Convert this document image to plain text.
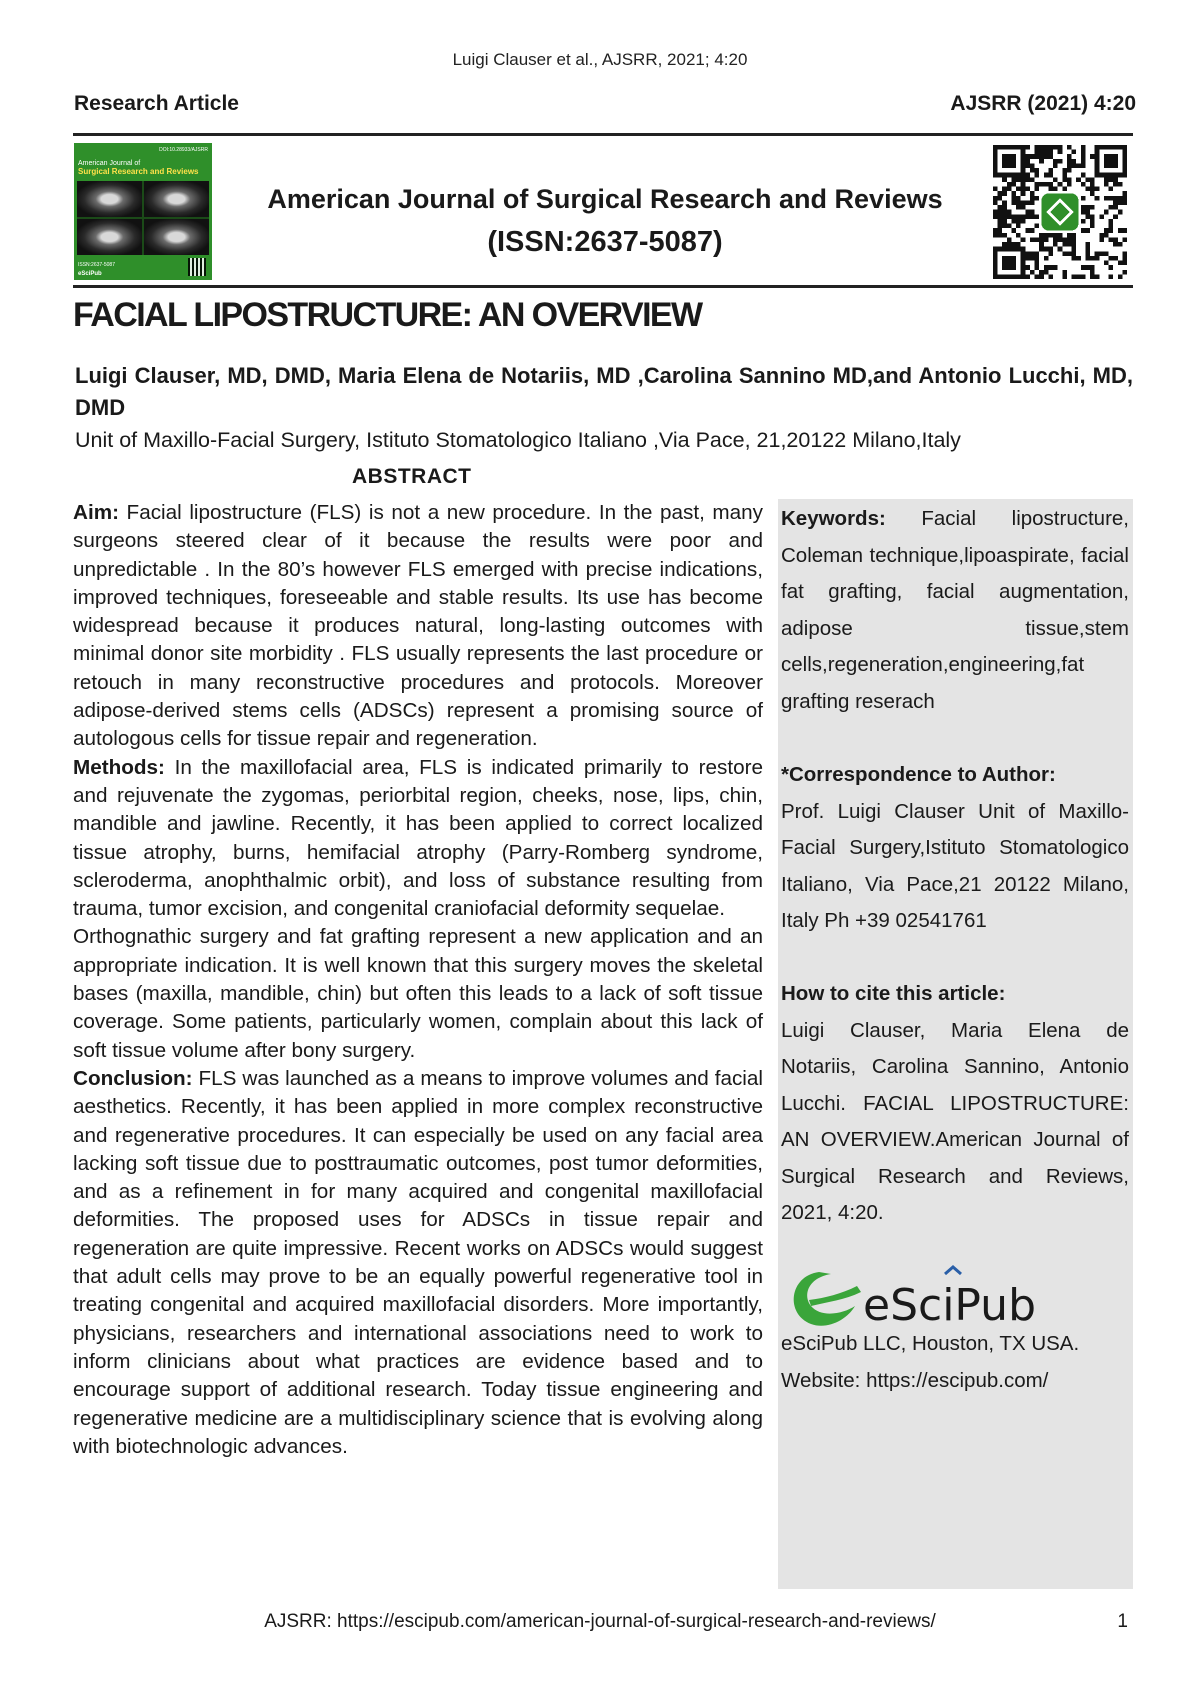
Luigi Clauser et al., AJSRR, 2021; 4:20
Research Article	AJSRR (2021) 4:20
DOI:10.28933/AJSRR
American Journal of
Surgical Research and Reviews
ISSN:2637-5087
eSciPub
American Journal of Surgical Research and Reviews
(ISSN:2637-5087)
FACIAL LIPOSTRUCTURE: AN OVERVIEW
Luigi Clauser, MD, DMD, Maria Elena de Notariis, MD ,Carolina Sannino MD,and Antonio Lucchi, MD, DMD
Unit of Maxillo-Facial Surgery, Istituto Stomatologico Italiano ,Via Pace, 21,20122 Milano,Italy
ABSTRACT

Aim: Facial lipostructure (FLS) is not a new procedure. In the past, many surgeons steered clear of it because the results were poor and unpredictable . In the 80’s however FLS emerged with precise indications, improved techniques, foreseeable and stable results. Its use has become widespread because it produces natural, long-lasting outcomes with minimal donor site morbidity . FLS usually represents the last procedure or retouch in many reconstructive procedures and protocols. Moreover adipose-derived stems cells (ADSCs) represent a promising source of autologous cells for tissue repair and regeneration.

Methods: In the maxillofacial area, FLS is indicated primarily to restore and rejuvenate the zygomas, periorbital region, cheeks, nose, lips, chin, mandible and jawline. Recently, it has been applied to correct localized tissue atrophy, burns, hemifacial atrophy (Parry-Romberg syndrome, scleroderma, anophthalmic orbit), and loss of substance resulting from trauma, tumor excision, and congenital craniofacial deformity sequelae.

Orthognathic surgery and fat grafting represent a new application and an appropriate indication. It is well known that this surgery moves the skeletal bases (maxilla, mandible, chin) but often this leads to a lack of soft tissue coverage. Some patients, particularly women, complain about this lack of soft tissue volume after bony surgery.

Conclusion: FLS was launched as a means to improve volumes and facial aesthetics. Recently, it has been applied in more complex reconstructive and regenerative procedures. It can especially be used on any facial area lacking soft tissue due to posttraumatic outcomes, post tumor deformities, and as a refinement in for many acquired and congenital maxillofacial deformities. The proposed uses for ADSCs in tissue repair and regeneration are quite impressive. Recent works on ADSCs would suggest that adult cells may prove to be an equally powerful regenerative tool in treating congenital and acquired maxillofacial disorders. More importantly, physicians, researchers and international associations need to work to inform clinicians about what practices are evidence based and to encourage support of additional research. Today tissue engineering and regenerative medicine are a multidisciplinary science that is evolving along with biotechnologic advances.

Keywords: Facial lipostructure, Coleman technique,lipoaspirate, facial fat grafting, facial augmentation, adipose tissue,stem cells,regeneration,engineering,fat grafting reserach
*Correspondence to Author:
Prof. Luigi Clauser Unit of Maxillo-Facial Surgery,Istituto Stomatologico Italiano, Via Pace,21 20122 Milano, Italy Ph +39 02541761
How to cite this article:
Luigi Clauser, Maria Elena de Notariis, Carolina Sannino, Antonio Lucchi. FACIAL LIPOSTRUCTURE: AN OVERVIEW.American Journal of Surgical Research and Reviews, 2021, 4:20.
eSciPub
eSciPub LLC, Houston, TX USA.
Website: https://escipub.com/
AJSRR: https://escipub.com/american-journal-of-surgical-research-and-reviews/	1
